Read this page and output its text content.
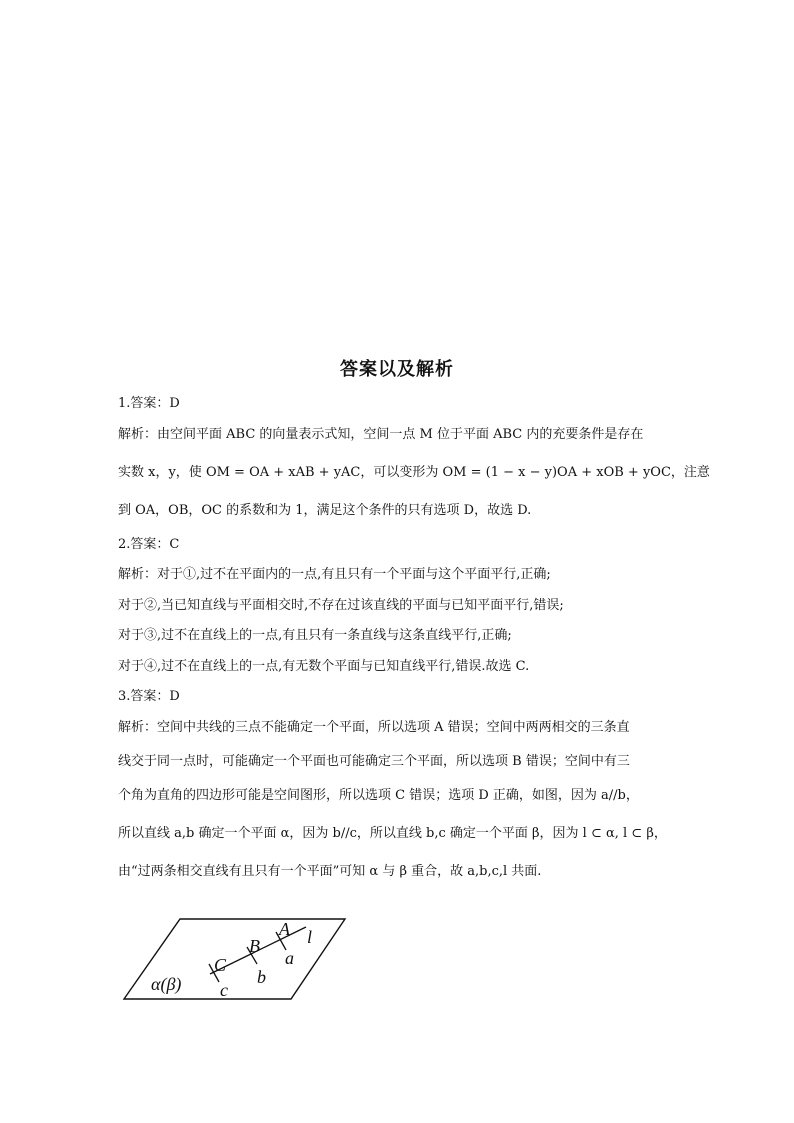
答案以及解析
1.答案：D
解析：由空间平面 ABC 的向量表示式知，空间一点 M 位于平面 ABC 内的充要条件是存在
实数 x，y，使 OM = OA + xAB + yAC，可以变形为 OM = (1 − x − y)OA + xOB + yOC，注意
到 OA，OB，OC 的系数和为 1，满足这个条件的只有选项 D，故选 D.
2.答案：C
解析：对于①,过不在平面内的一点,有且只有一个平面与这个平面平行,正确;
对于②,当已知直线与平面相交时,不存在过该直线的平面与已知平面平行,错误;
对于③,过不在直线上的一点,有且只有一条直线与这条直线平行,正确;
对于④,过不在直线上的一点,有无数个平面与已知直线平行,错误.故选 C.
3.答案：D
解析：空间中共线的三点不能确定一个平面，所以选项 A 错误；空间中两两相交的三条直
线交于同一点时，可能确定一个平面也可能确定三个平面，所以选项 B 错误；空间中有三
个角为直角的四边形可能是空间图形，所以选项 C 错误；选项 D 正确，如图，因为 a//b，
所以直线 a,b 确定一个平面 α，因为 b//c，所以直线 b,c 确定一个平面 β，因为 l ⊂ α, l ⊂ β，
由“过两条相交直线有且只有一个平面”可知 α 与 β 重合，故 a,b,c,l 共面.
A l
B
a
C
b
α(β) c
